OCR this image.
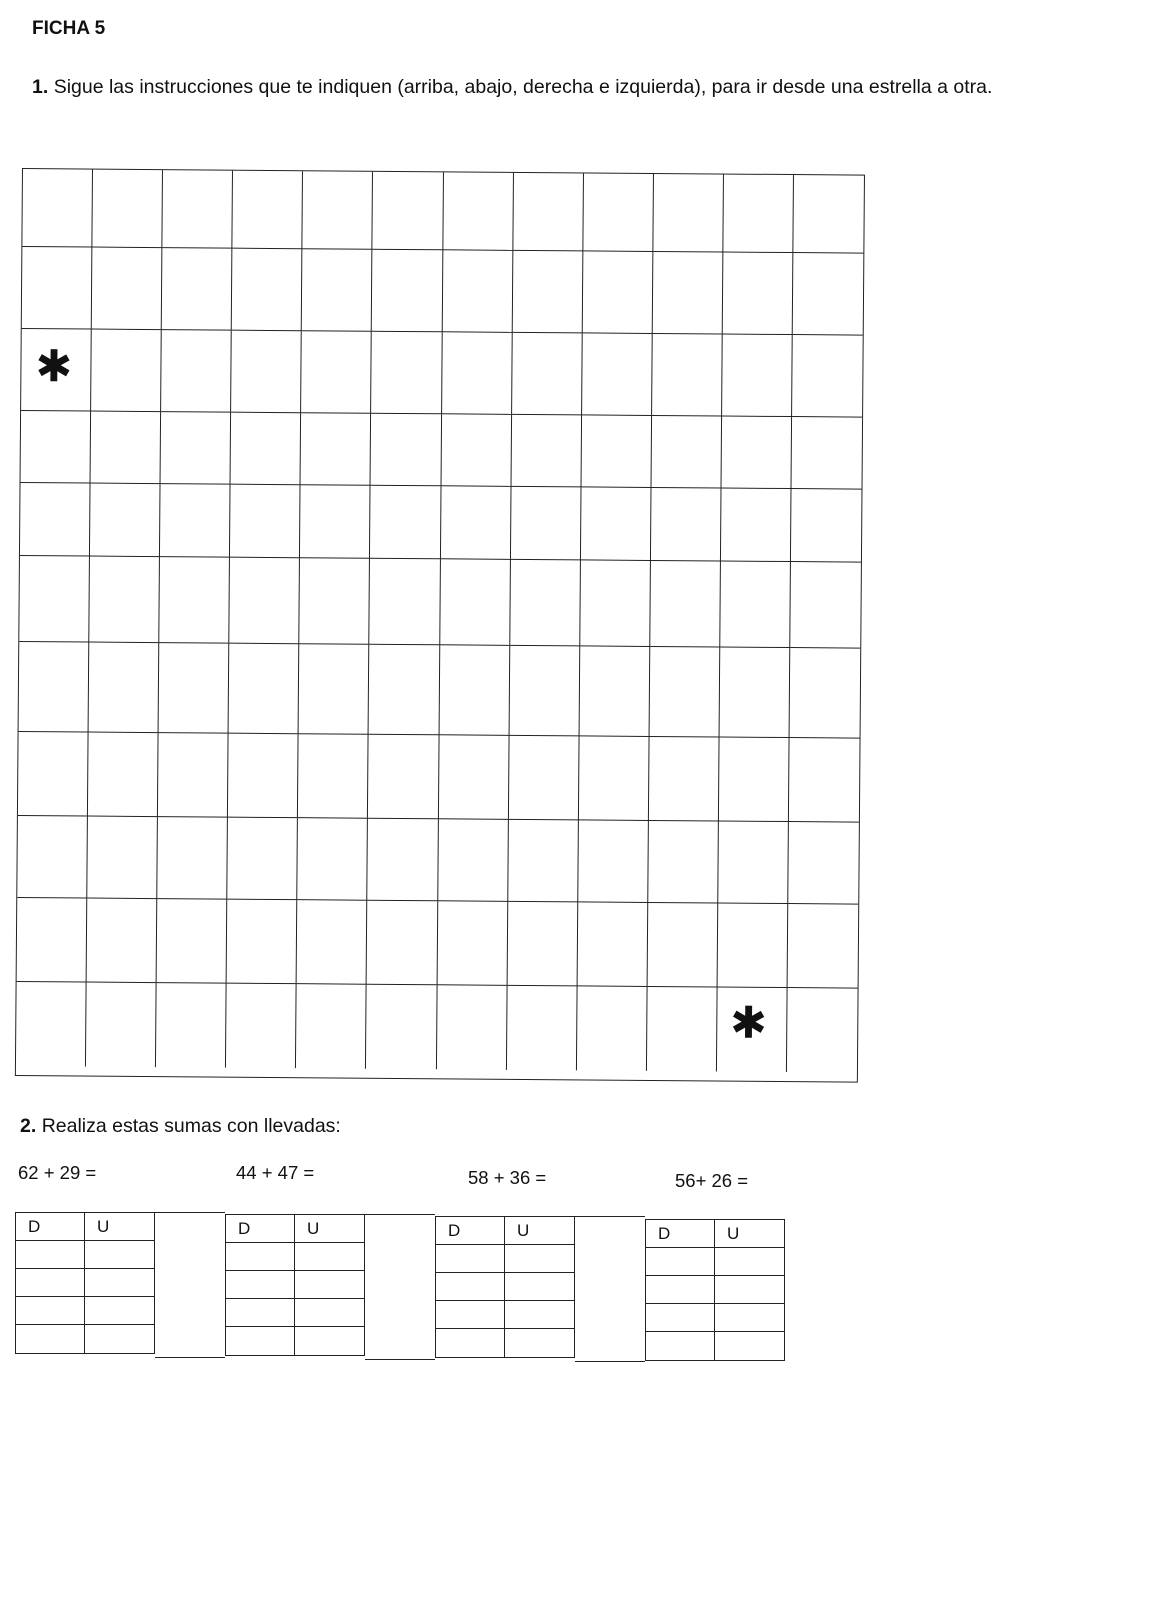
FICHA 5

1. Sigue las instrucciones que te indiquen (arriba, abajo, derecha e izquierda), para ir desde una estrella a otra.

✱
✱

2. Realiza estas sumas con llevadas:

62 + 29 =	44 + 47 =	58 + 36 =	56+ 26 =
D	U	D	U	D	U	D	U
